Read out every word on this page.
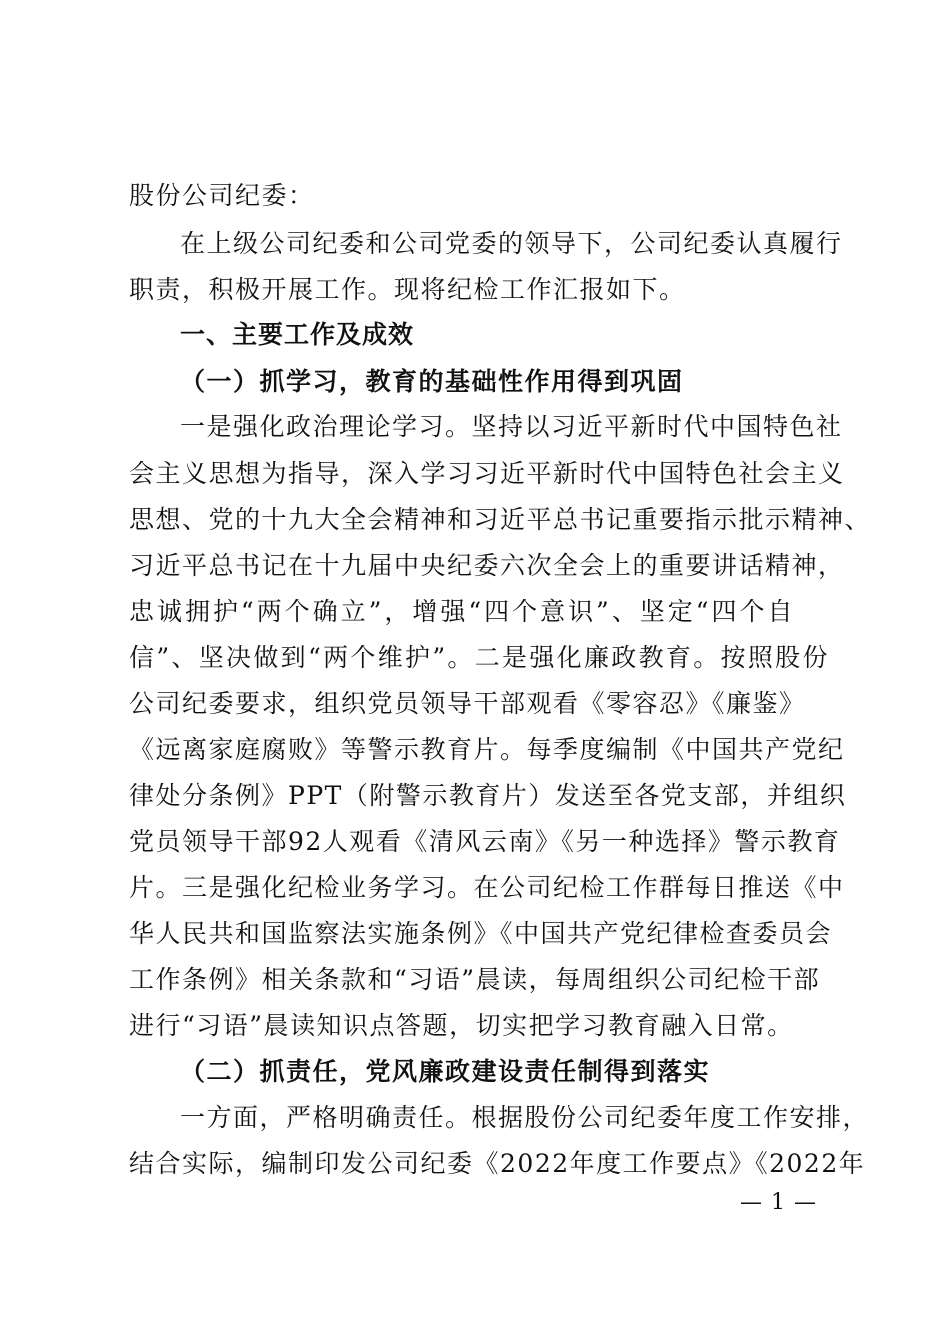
股份公司纪委：
在上级公司纪委和公司党委的领导下，公司纪委认真履行
职责，积极开展工作。现将纪检工作汇报如下。
一、主要工作及成效
（一）抓学习，教育的基础性作用得到巩固
一是强化政治理论学习。坚持以习近平新时代中国特色社
会主义思想为指导，深入学习习近平新时代中国特色社会主义
思想、党的十九大全会精神和习近平总书记重要指示批示精神、
习近平总书记在十九届中央纪委六次全会上的重要讲话精神，
忠诚拥护“两个确立”，增强“四个意识”、坚定“四个自
信”、坚决做到“两个维护”。二是强化廉政教育。按照股份
公司纪委要求，组织党员领导干部观看《零容忍》《廉鉴》
《远离家庭腐败》等警示教育片。每季度编制《中国共产党纪
律处分条例》PPT（附警示教育片）发送至各党支部，并组织
党员领导干部92人观看《清风云南》《另一种选择》警示教育
片。三是强化纪检业务学习。在公司纪检工作群每日推送《中
华人民共和国监察法实施条例》《中国共产党纪律检查委员会
工作条例》相关条款和“习语”晨读，每周组织公司纪检干部
进行“习语”晨读知识点答题，切实把学习教育融入日常。
（二）抓责任，党风廉政建设责任制得到落实
一方面，严格明确责任。根据股份公司纪委年度工作安排，
结合实际，编制印发公司纪委《2022年度工作要点》《2022年
— 1 —
